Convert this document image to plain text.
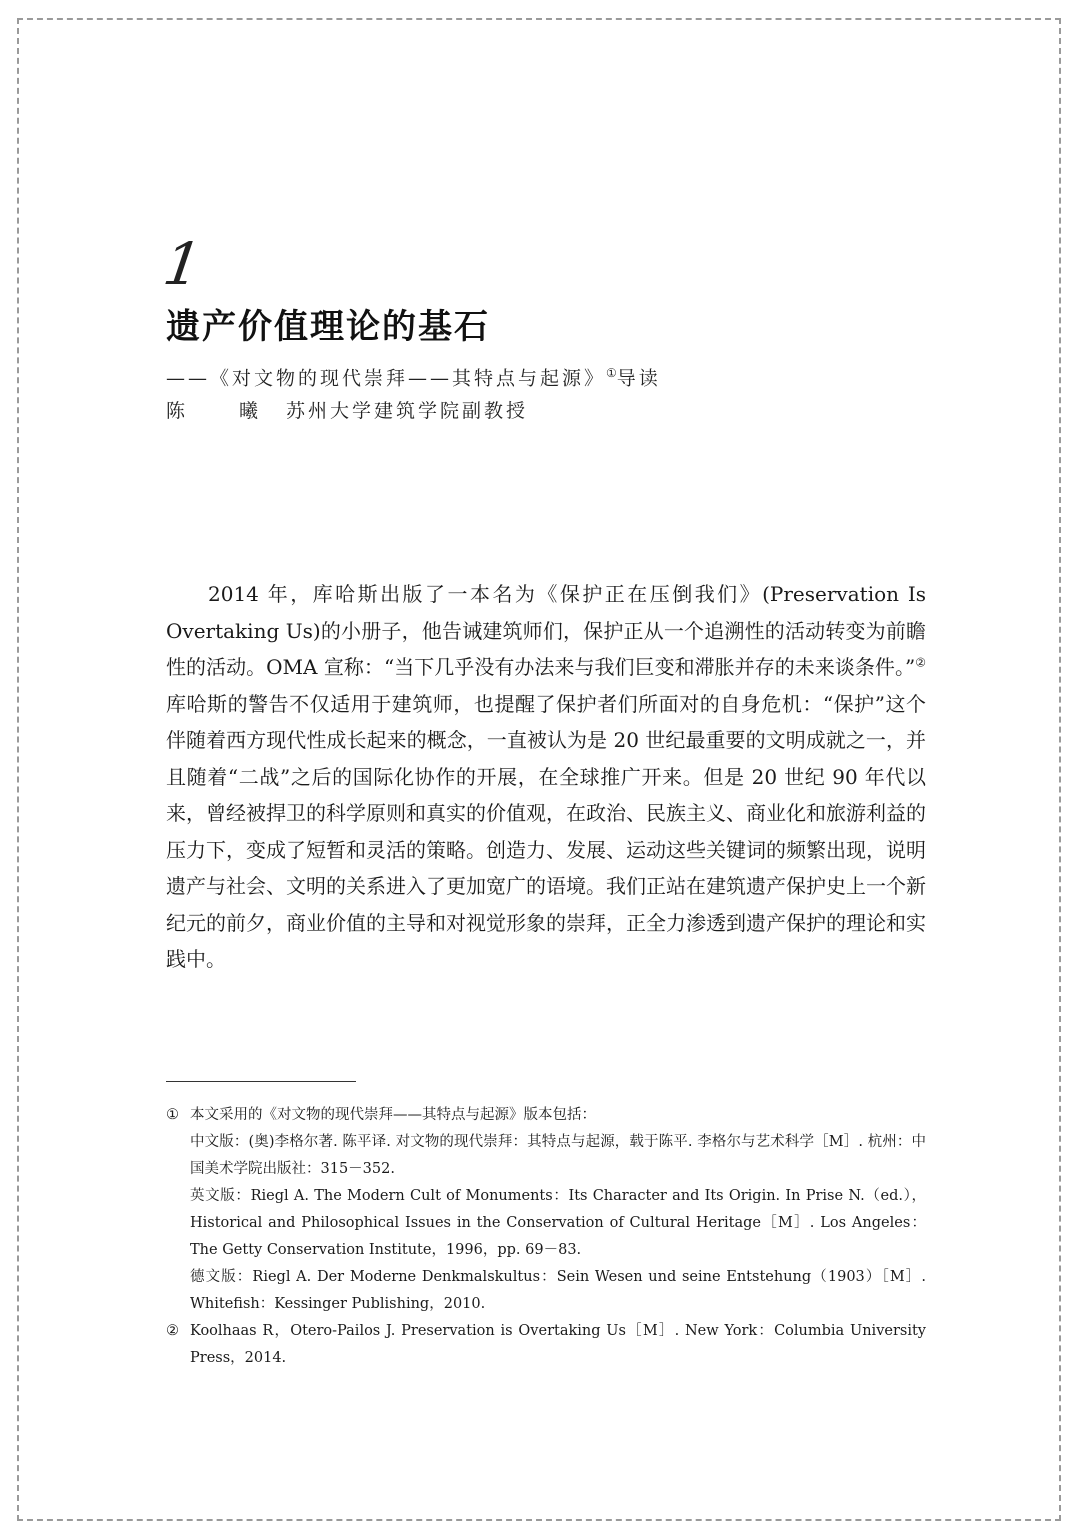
1
遗产价值理论的基石
——《对文物的现代崇拜——其特点与起源》①导读
陈 曦 苏州大学建筑学院副教授

2014 年，库哈斯出版了一本名为《保护正在压倒我们》(Preservation Is Overtaking Us)的小册子，他告诫建筑师们，保护正从一个追溯性的活动转变为前瞻性的活动。OMA 宣称：“当下几乎没有办法来与我们巨变和滞胀并存的未来谈条件。”②库哈斯的警告不仅适用于建筑师，也提醒了保护者们所面对的自身危机：“保护”这个伴随着西方现代性成长起来的概念，一直被认为是 20 世纪最重要的文明成就之一，并且随着“二战”之后的国际化协作的开展，在全球推广开来。但是 20 世纪 90 年代以来，曾经被捍卫的科学原则和真实的价值观，在政治、民族主义、商业化和旅游利益的压力下，变成了短暂和灵活的策略。创造力、发展、运动这些关键词的频繁出现，说明遗产与社会、文明的关系进入了更加宽广的语境。我们正站在建筑遗产保护史上一个新纪元的前夕，商业价值的主导和对视觉形象的崇拜，正全力渗透到遗产保护的理论和实践中。

① 本文采用的《对文物的现代崇拜——其特点与起源》版本包括：
中文版：(奥)李格尔著. 陈平译. 对文物的现代崇拜：其特点与起源，载于陈平. 李格尔与艺术科学［M］. 杭州：中国美术学院出版社：315－352.
英文版：Riegl A. The Modern Cult of Monuments：Its Character and Its Origin. In Prise N.（ed.），Historical and Philosophical Issues in the Conservation of Cultural Heritage［M］. Los Angeles：The Getty Conservation Institute，1996，pp. 69－83.
德文版：Riegl A. Der Moderne Denkmalskultus：Sein Wesen und seine Entstehung（1903）［M］. Whitefish：Kessinger Publishing，2010.
② Koolhaas R，Otero-Pailos J. Preservation is Overtaking Us［M］. New York：Columbia University Press，2014.
